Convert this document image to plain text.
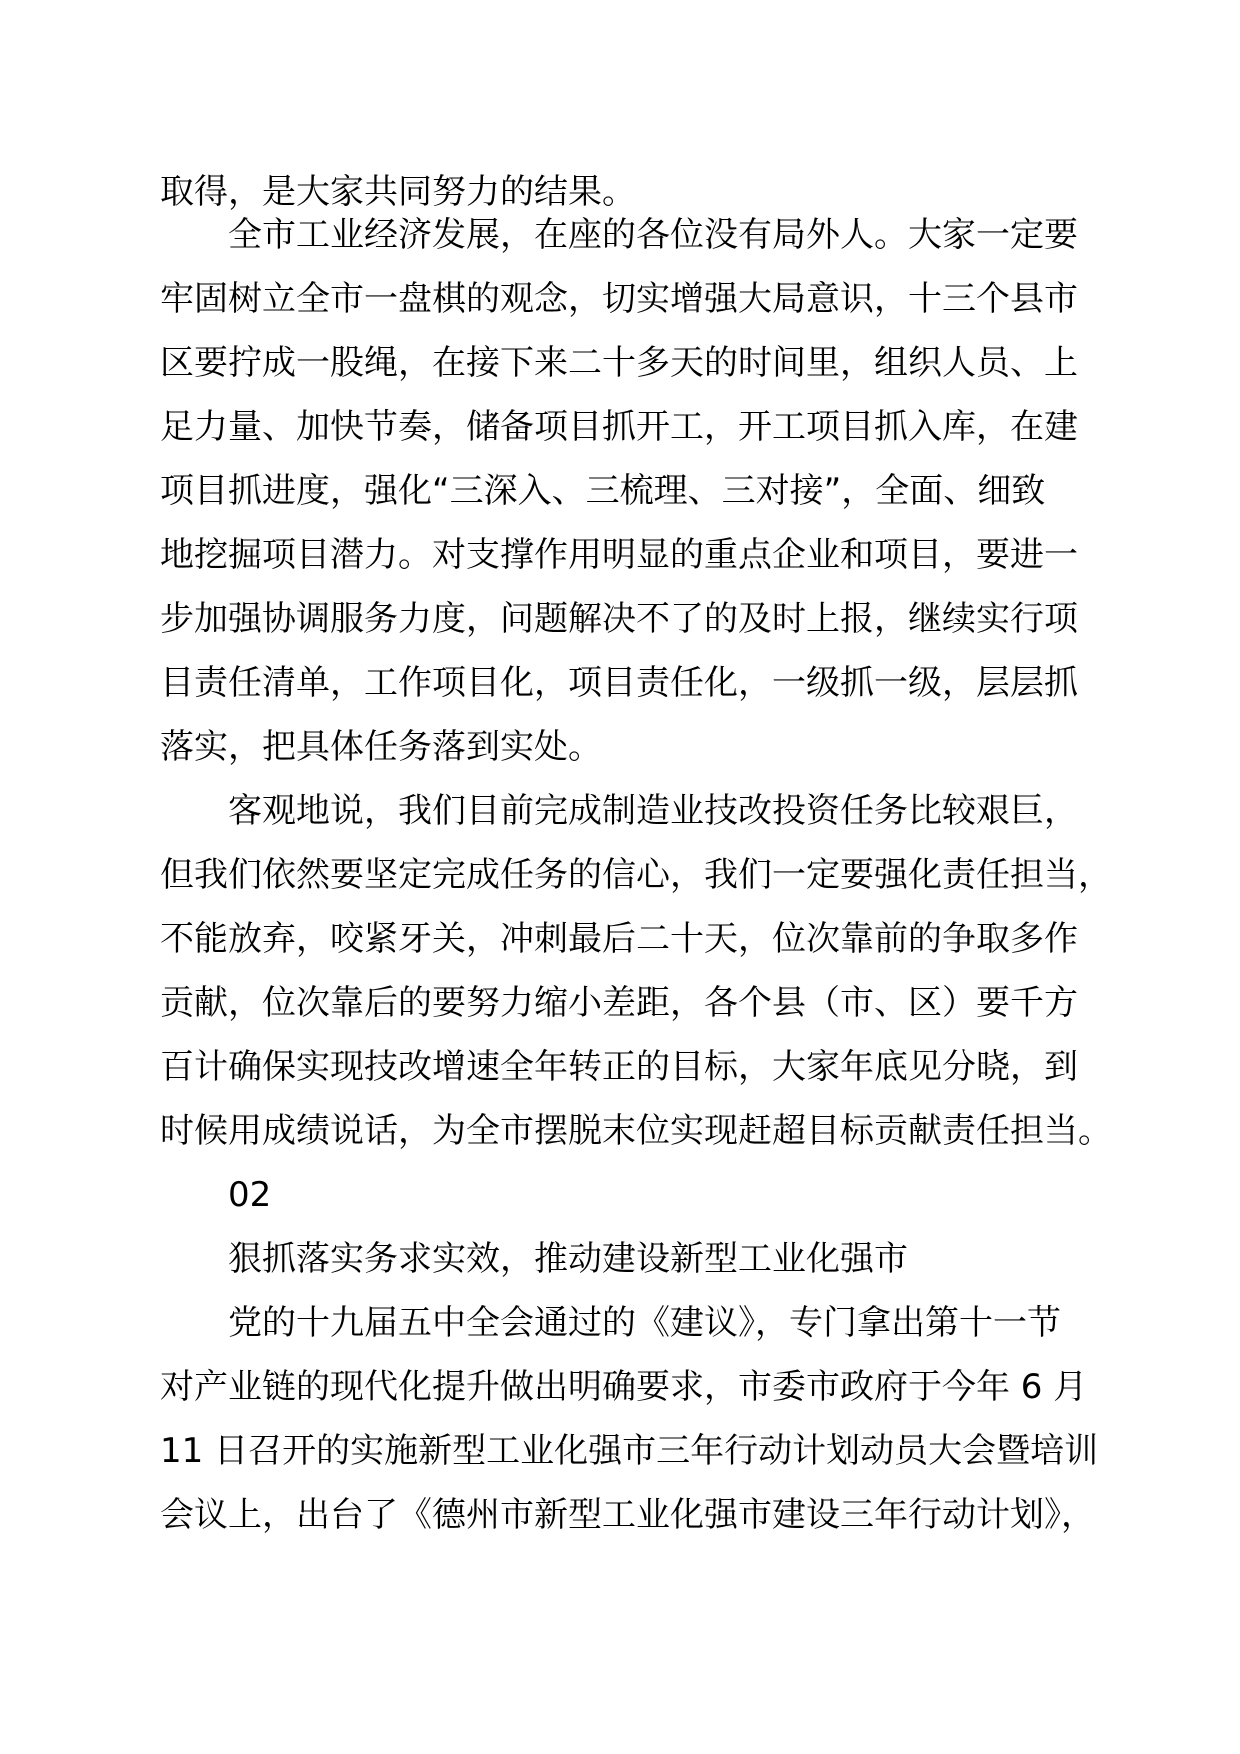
取得，是大家共同努力的结果。
全市工业经济发展，在座的各位没有局外人。大家一定要
牢固树立全市一盘棋的观念，切实增强大局意识，十三个县市
区要拧成一股绳，在接下来二十多天的时间里，组织人员、上
足力量、加快节奏，储备项目抓开工，开工项目抓入库，在建
项目抓进度，强化“三深入、三梳理、三对接”，全面、细致
地挖掘项目潜力。对支撑作用明显的重点企业和项目，要进一
步加强协调服务力度，问题解决不了的及时上报，继续实行项
目责任清单，工作项目化，项目责任化，一级抓一级，层层抓
落实，把具体任务落到实处。
客观地说，我们目前完成制造业技改投资任务比较艰巨，
但我们依然要坚定完成任务的信心，我们一定要强化责任担当，
不能放弃，咬紧牙关，冲刺最后二十天，位次靠前的争取多作
贡献，位次靠后的要努力缩小差距，各个县（市、区）要千方
百计确保实现技改增速全年转正的目标，大家年底见分晓，到
时候用成绩说话，为全市摆脱末位实现赶超目标贡献责任担当。
02
狠抓落实务求实效，推动建设新型工业化强市
党的十九届五中全会通过的《建议》，专门拿出第十一节
对产业链的现代化提升做出明确要求，市委市政府于今年 6 月
11 日召开的实施新型工业化强市三年行动计划动员大会暨培训
会议上，出台了《德州市新型工业化强市建设三年行动计划》，
